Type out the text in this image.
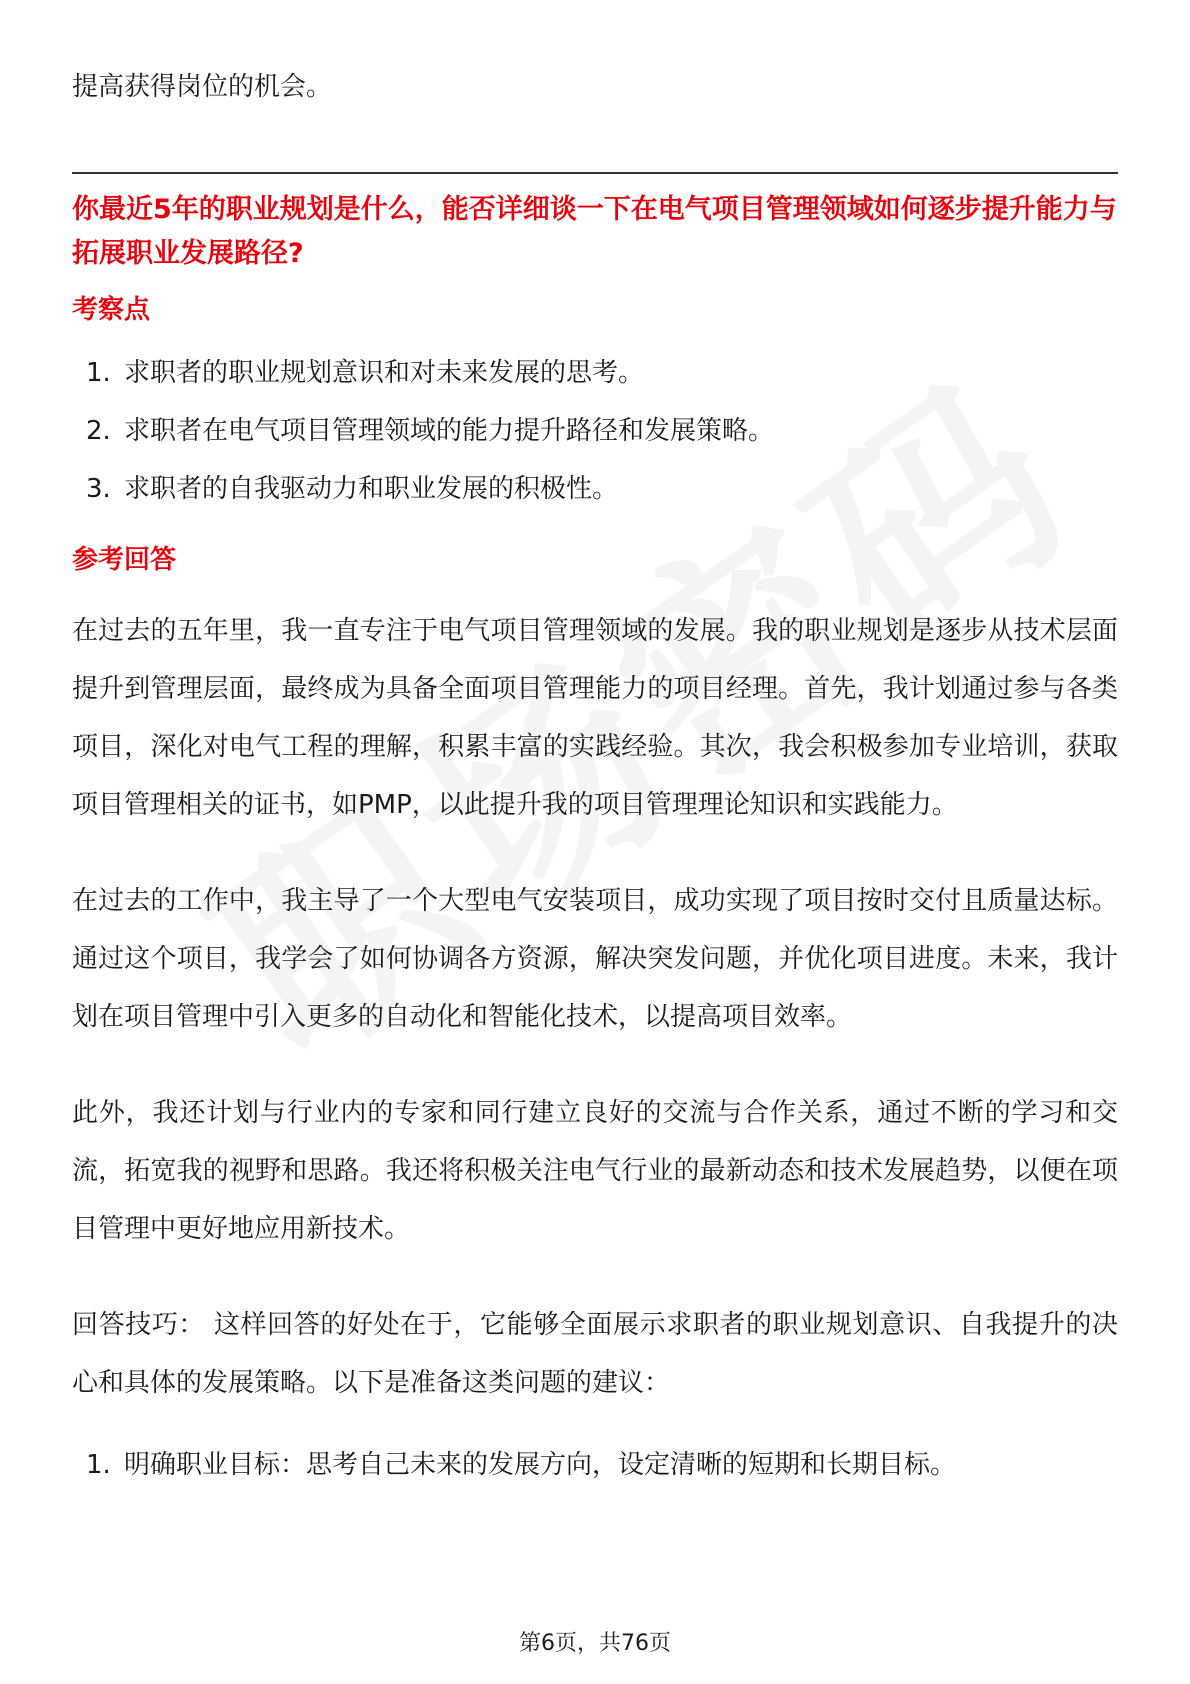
提高获得岗位的机会。

你最近5年的职业规划是什么，能否详细谈一下在电气项目管理领域如何逐步提升能力与拓展职业发展路径?

考察点
1. 求职者的职业规划意识和对未来发展的思考。
2. 求职者在电气项目管理领域的能力提升路径和发展策略。
3. 求职者的自我驱动力和职业发展的积极性。
参考回答

在过去的五年里，我一直专注于电气项目管理领域的发展。我的职业规划是逐步从技术层面提升到管理层面，最终成为具备全面项目管理能力的项目经理。首先，我计划通过参与各类项目，深化对电气工程的理解，积累丰富的实践经验。其次，我会积极参加专业培训，获取项目管理相关的证书，如PMP，以此提升我的项目管理理论知识和实践能力。

在过去的工作中，我主导了一个大型电气安装项目，成功实现了项目按时交付且质量达标。通过这个项目，我学会了如何协调各方资源，解决突发问题，并优化项目进度。未来，我计划在项目管理中引入更多的自动化和智能化技术，以提高项目效率。

此外，我还计划与行业内的专家和同行建立良好的交流与合作关系，通过不断的学习和交流，拓宽我的视野和思路。我还将积极关注电气行业的最新动态和技术发展趋势，以便在项目管理中更好地应用新技术。

回答技巧： 这样回答的好处在于，它能够全面展示求职者的职业规划意识、自我提升的决心和具体的发展策略。以下是准备这类问题的建议：

1. 明确职业目标：思考自己未来的发展方向，设定清晰的短期和长期目标。
第6页，共76页
